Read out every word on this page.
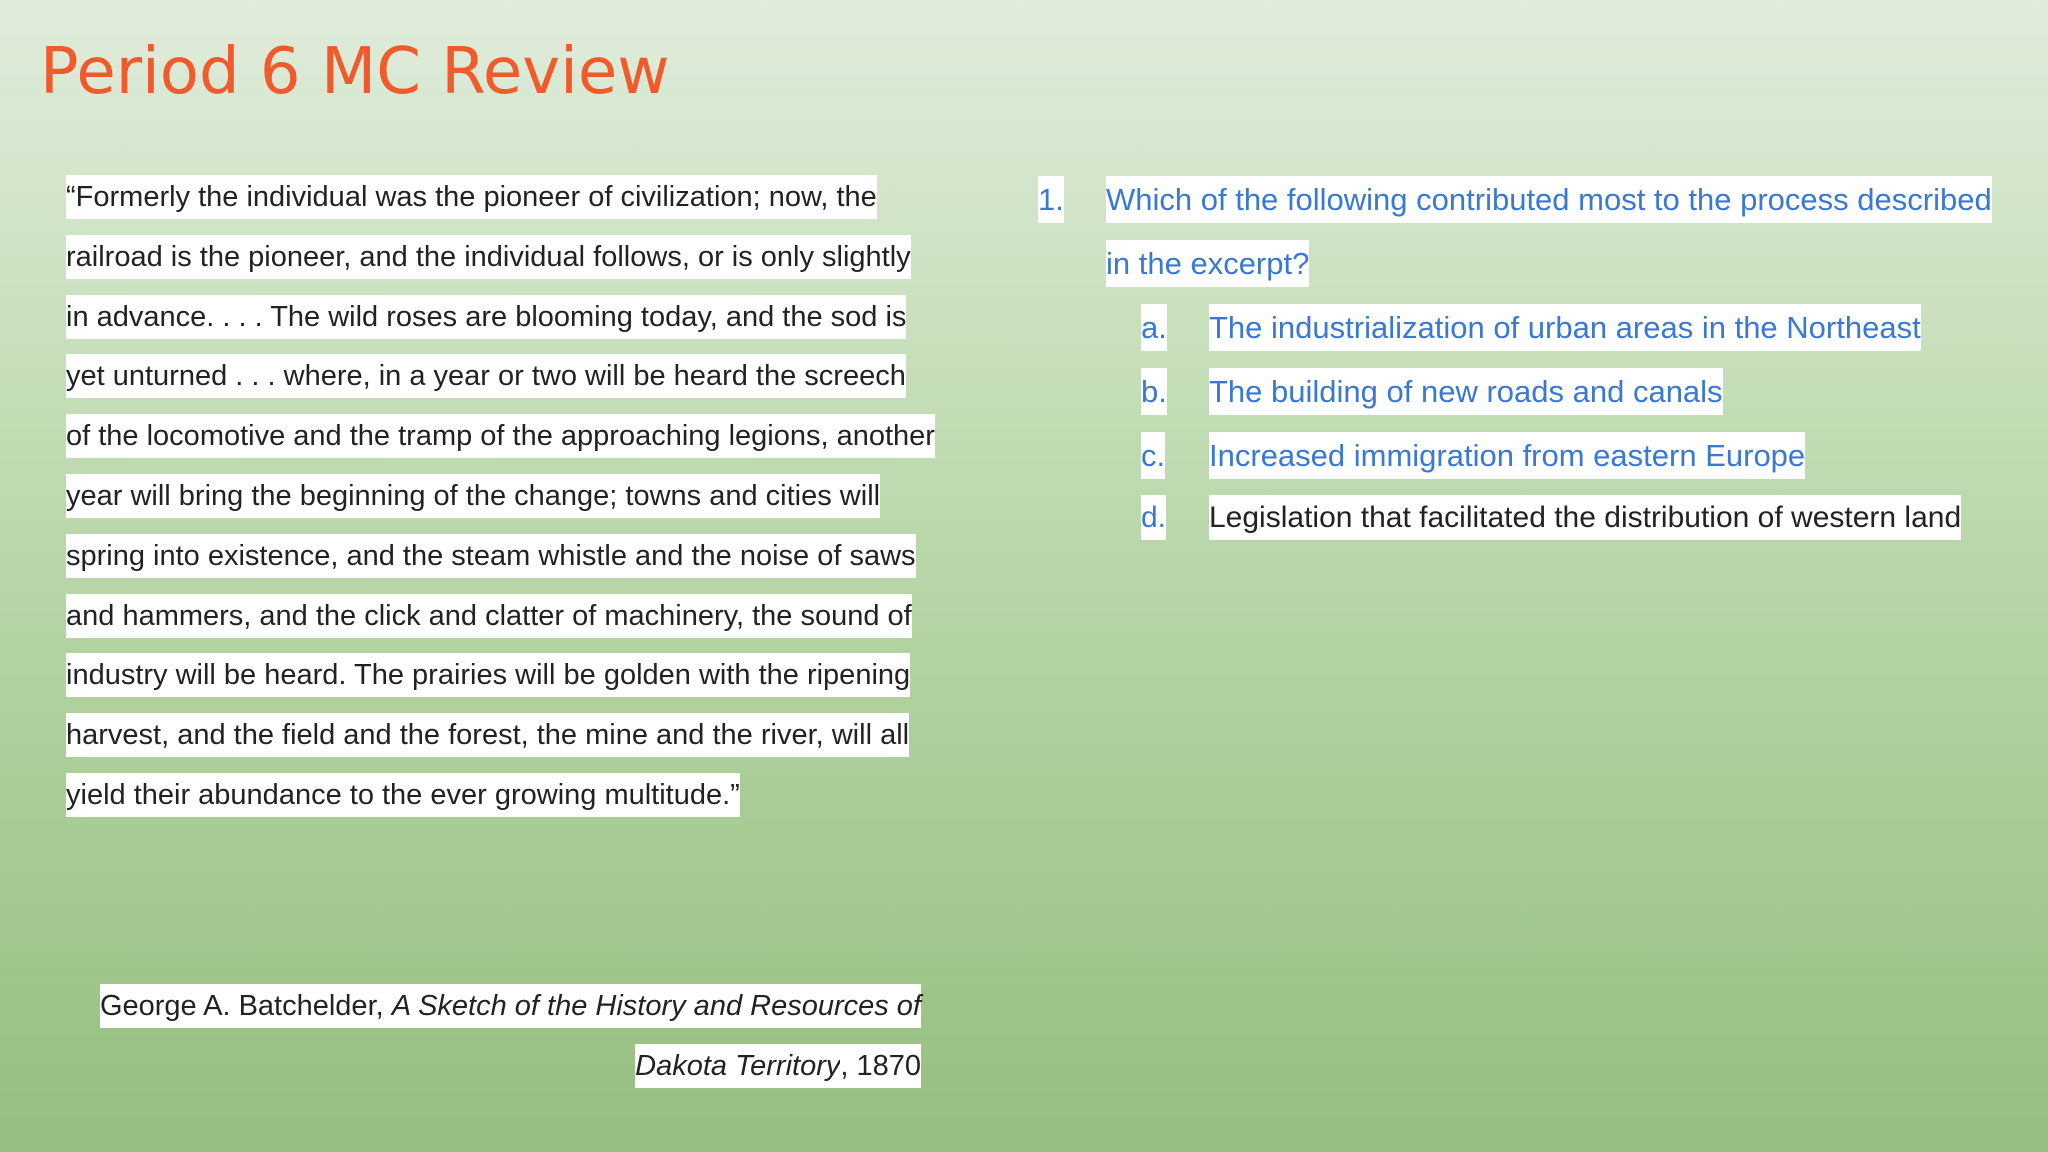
Period 6 MC Review

“Formerly the individual was the pioneer of civilization; now, the railroad is the pioneer, and the individual follows, or is only slightly in advance. . . . The wild roses are blooming today, and the sod is yet unturned . . . where, in a year or two will be heard the screech of the locomotive and the tramp of the approaching legions, another year will bring the beginning of the change; towns and cities will spring into existence, and the steam whistle and the noise of saws and hammers, and the click and clatter of machinery, the sound of industry will be heard. The prairies will be golden with the ripening harvest, and the field and the forest, the mine and the river, will all yield their abundance to the ever growing multitude.”

George A. Batchelder, A Sketch of the History and Resources of Dakota Territory, 1870

1.	Which of the following contributed most to the process described in the excerpt?
a.	The industrialization of urban areas in the Northeast
b.	The building of new roads and canals
c.	Increased immigration from eastern Europe
d.	Legislation that facilitated the distribution of western land
